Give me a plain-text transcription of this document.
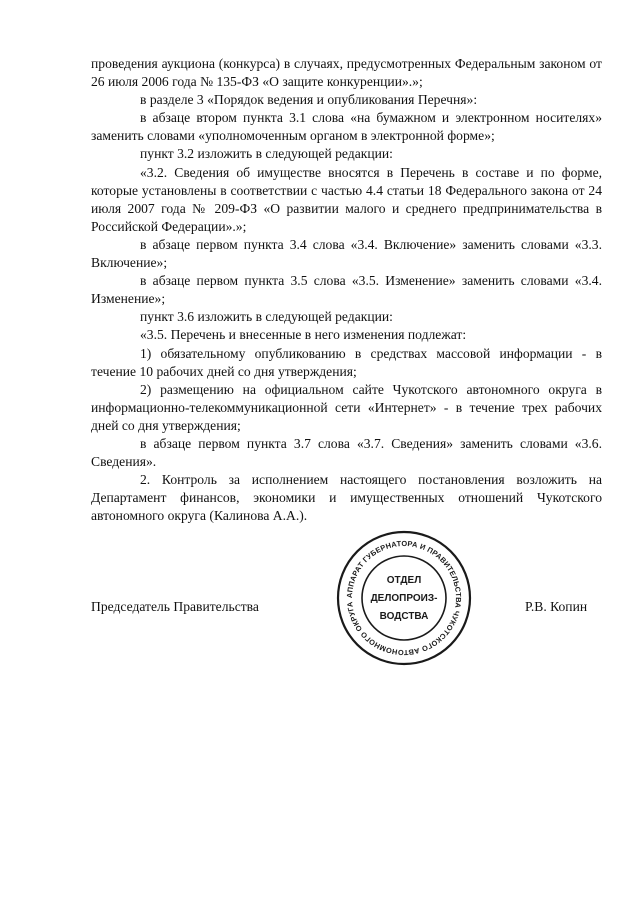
проведения аукциона (конкурса) в случаях, предусмотренных Федеральным законом от 26 июля 2006 года № 135-ФЗ «О защите конкуренции».»;

в разделе 3 «Порядок ведения и опубликования Перечня»:

в абзаце втором пункта 3.1 слова «на бумажном и электронном носителях» заменить словами «уполномоченным органом в электронной форме»;

пункт 3.2 изложить в следующей редакции:

«3.2. Сведения об имуществе вносятся в Перечень в составе и по форме, которые установлены в соответствии с частью 4.4 статьи 18 Федерального закона от 24 июля 2007 года № 209-ФЗ «О развитии малого и среднего предпринимательства в Российской Федерации».»;

в абзаце первом пункта 3.4 слова «3.4. Включение» заменить словами «3.3. Включение»;

в абзаце первом пункта 3.5 слова «3.5. Изменение» заменить словами «3.4. Изменение»;

пункт 3.6 изложить в следующей редакции:

«3.5. Перечень и внесенные в него изменения подлежат:

1) обязательному опубликованию в средствах массовой информации - в течение 10 рабочих дней со дня утверждения;

2) размещению на официальном сайте Чукотского автономного округа в информационно-телекоммуникационной сети «Интернет» - в течение трех рабочих дней со дня утверждения;

в абзаце первом пункта 3.7 слова «3.7. Сведения» заменить словами «3.6. Сведения».

2. Контроль за исполнением настоящего постановления возложить на Департамент финансов, экономики и имущественных отношений Чукотского автономного округа (Калинова А.А.).

АППАРАТ ГУБЕРНАТОРА И ПРАВИТЕЛЬСТВА ЧУКОТСКОГО АВТОНОМНОГО ОКРУГА
ОТДЕЛ
ДЕЛОПРОИЗ-
ВОДСТВА
Председатель Правительства	Р.В. Копин
